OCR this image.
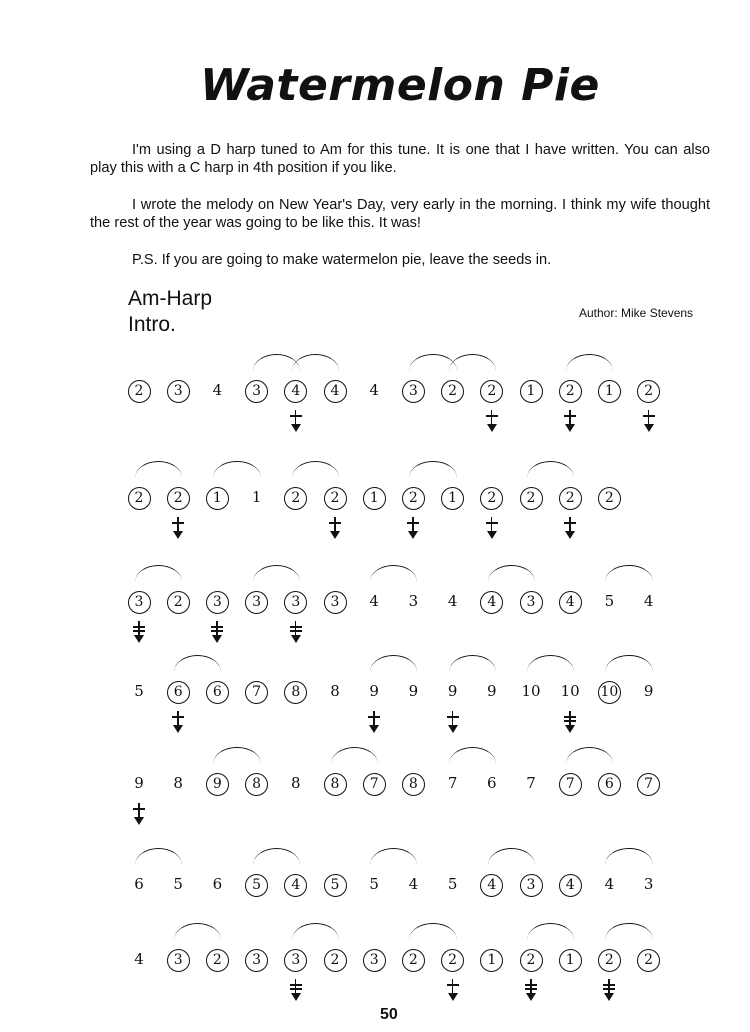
Watermelon Pie

I'm using a D harp tuned to Am for this tune. It is one that I have written. You can also play this with a C harp in 4th position if you like.

I wrote the melody on New Year's Day, very early in the morning. I think my wife thought the rest of the year was going to be like this. It was!

P.S. If you are going to make watermelon pie, leave the seeds in.

Am-Harp
Intro.	Author: Mike Stevens
2	3	4	3	4	4	4	3	2	2	1	2	1	2
2	2	1	1	2	2	1	2	1	2	2	2	2
3	2	3	3	3	3	4	3	4	4	3	4	5	4
5	6	6	7	8	8	9	9	9	9	10	10	10	9
9	8	9	8	8	8	7	8	7	6	7	7	6	7
6	5	6	5	4	5	5	4	5	4	3	4	4	3
4	3	2	3	3	2	3	2	2	1	2	1	2	2
50
